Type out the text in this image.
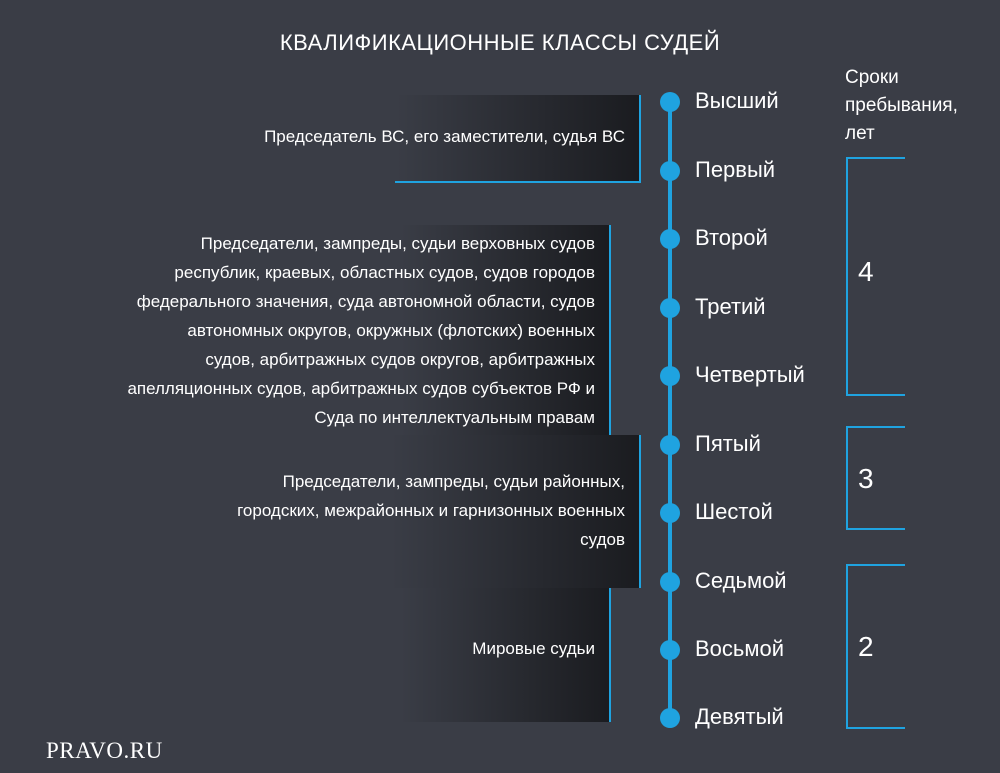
КВАЛИФИКАЦИОННЫЕ КЛАССЫ СУДЕЙ
Сроки
пребывания,
лет
Высший
Первый
Второй
Третий
Четвертый
Пятый
Шестой
Седьмой
Восьмой
Девятый
Председатель ВС, его заместители, судья ВС
Председатели, зампреды, судьи верховных судов
республик, краевых, областных судов, судов городов
федерального значения, суда автономной области, судов
автономных округов, окружных (флотских) военных
судов, арбитражных судов округов, арбитражных
апелляционных судов, арбитражных судов субъектов РФ и
Суда по интеллектуальным правам
Председатели, зампреды, судьи районных,
городских, межрайонных и гарнизонных военных
судов
Мировые судьи
4
3
2
PRAVO.RU
